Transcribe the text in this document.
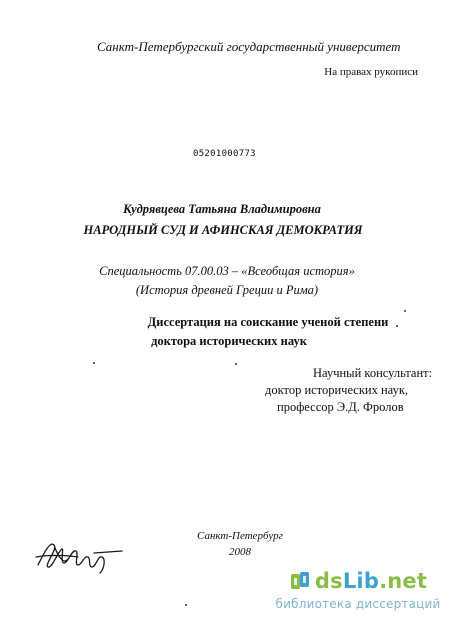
Санкт-Петербургский государственный университет
На правах рукописи
05201000773
Кудрявцева Татьяна Владимировна
НАРОДНЫЙ СУД И АФИНСКАЯ ДЕМОКРАТИЯ
Специальность 07.00.03 – «Всеобщая история»
(История древней Греции и Рима)
Диссертация на соискание ученой степени
доктора исторических наук
Научный консультант:
доктор исторических наук,
профессор Э.Д. Фролов
Санкт-Петербург
2008
dsLib.net
библиотека диссертаций
